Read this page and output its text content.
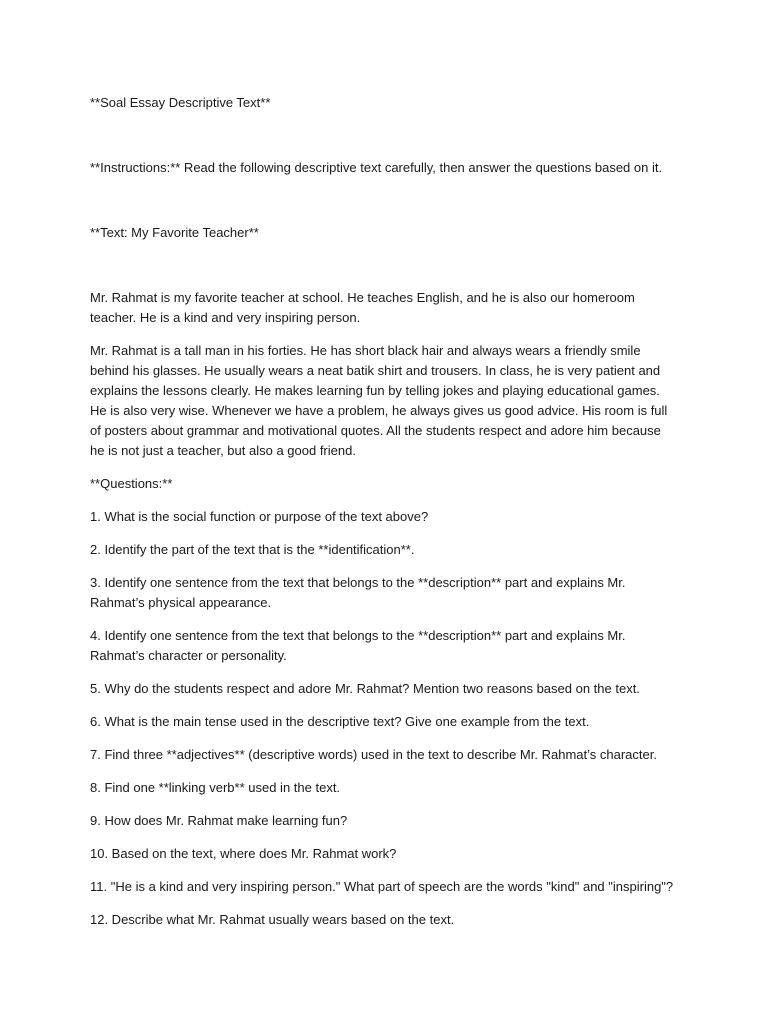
**Soal Essay Descriptive Text**

**Instructions:** Read the following descriptive text carefully, then answer the questions based on it.

**Text: My Favorite Teacher**

Mr. Rahmat is my favorite teacher at school. He teaches English, and he is also our homeroom teacher. He is a kind and very inspiring person.

Mr. Rahmat is a tall man in his forties. He has short black hair and always wears a friendly smile behind his glasses. He usually wears a neat batik shirt and trousers. In class, he is very patient and explains the lessons clearly. He makes learning fun by telling jokes and playing educational games. He is also very wise. Whenever we have a problem, he always gives us good advice. His room is full of posters about grammar and motivational quotes. All the students respect and adore him because he is not just a teacher, but also a good friend.

**Questions:**

1. What is the social function or purpose of the text above?

2. Identify the part of the text that is the **identification**.

3. Identify one sentence from the text that belongs to the **description** part and explains Mr. Rahmat’s physical appearance.

4. Identify one sentence from the text that belongs to the **description** part and explains Mr. Rahmat’s character or personality.

5. Why do the students respect and adore Mr. Rahmat? Mention two reasons based on the text.

6. What is the main tense used in the descriptive text? Give one example from the text.

7. Find three **adjectives** (descriptive words) used in the text to describe Mr. Rahmat’s character.

8. Find one **linking verb** used in the text.

9. How does Mr. Rahmat make learning fun?

10. Based on the text, where does Mr. Rahmat work?

11. "He is a kind and very inspiring person." What part of speech are the words "kind" and "inspiring"?

12. Describe what Mr. Rahmat usually wears based on the text.
